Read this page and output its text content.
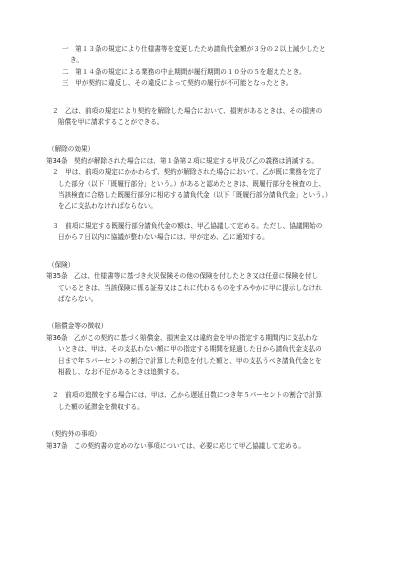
一　第１３条の規定により仕様書等を変更したため請負代金額が３分の２以上減少したと

き。

二　第１４条の規定による業務の中止期間が履行期間の１０分の５を超えたとき。

三　甲が契約に違反し、その違反によって契約の履行が不可能となったとき。

２　乙は、前項の規定により契約を解除した場合において、損害があるときは、その損害の

賠償を甲に請求することができる。

（解除の効果）

第34条　契約が解除された場合には、第１条第２項に規定する甲及び乙の義務は消滅する。

２　甲は、前項の規定にかかわらず、契約が解除された場合において、乙が既に業務を完了

した部分（以下「既履行部分」という。）があると認めたときは、既履行部分を検査の上、

当該検査に合格した既履行部分に相応する請負代金（以下「既履行部分請負代金」という。）

を乙に支払わなければならない。

３　前項に規定する既履行部分請負代金の額は、甲乙協議して定める。ただし、協議開始の

日から７日以内に協議が整わない場合には、甲が定め、乙に通知する。

（保険）

第35条　乙は、仕様書等に基づき火災保険その他の保険を付したとき又は任意に保険を付し

ているときは、当該保険に係る証券又はこれに代わるものをすみやかに甲に提示しなけれ

ばならない。

（賠償金等の徴収）

第36条　乙がこの契約に基づく賠償金、損害金又は違約金を甲の指定する期間内に支払わな

いときは、甲は、その支払わない額に甲の指定する期間を経過した日から請負代金支払の

日まで年５パーセントの割合で計算した利息を付した額と、甲の支払うべき請負代金とを

相殺し、なお不足があるときは追徴する。

２　前項の追徴をする場合には、甲は、乙から遅延日数につき年５パーセントの割合で計算

した額の延滞金を徴収する。

（契約外の事項）

第37条　この契約書の定めのない事項については、必要に応じて甲乙協議して定める。
